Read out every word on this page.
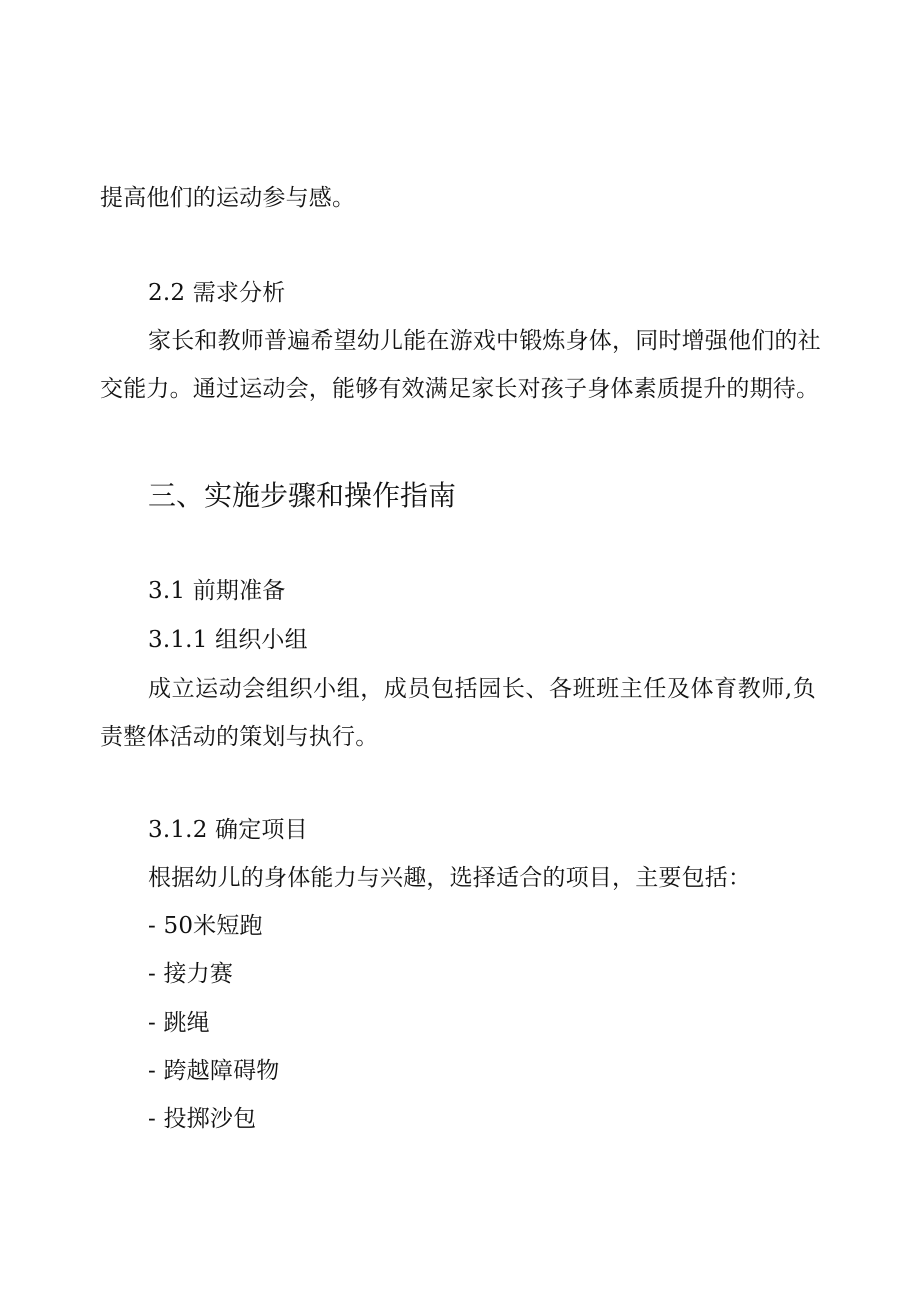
提高他们的运动参与感。
2.2 需求分析
家长和教师普遍希望幼儿能在游戏中锻炼身体，同时增强他们的社
交能力。通过运动会，能够有效满足家长对孩子身体素质提升的期待。
三、实施步骤和操作指南
3.1 前期准备
3.1.1 组织小组
成立运动会组织小组，成员包括园长、各班班主任及体育教师,负
责整体活动的策划与执行。
3.1.2 确定项目
根据幼儿的身体能力与兴趣，选择适合的项目，主要包括：
- 50米短跑
- 接力赛
- 跳绳
- 跨越障碍物
- 投掷沙包
